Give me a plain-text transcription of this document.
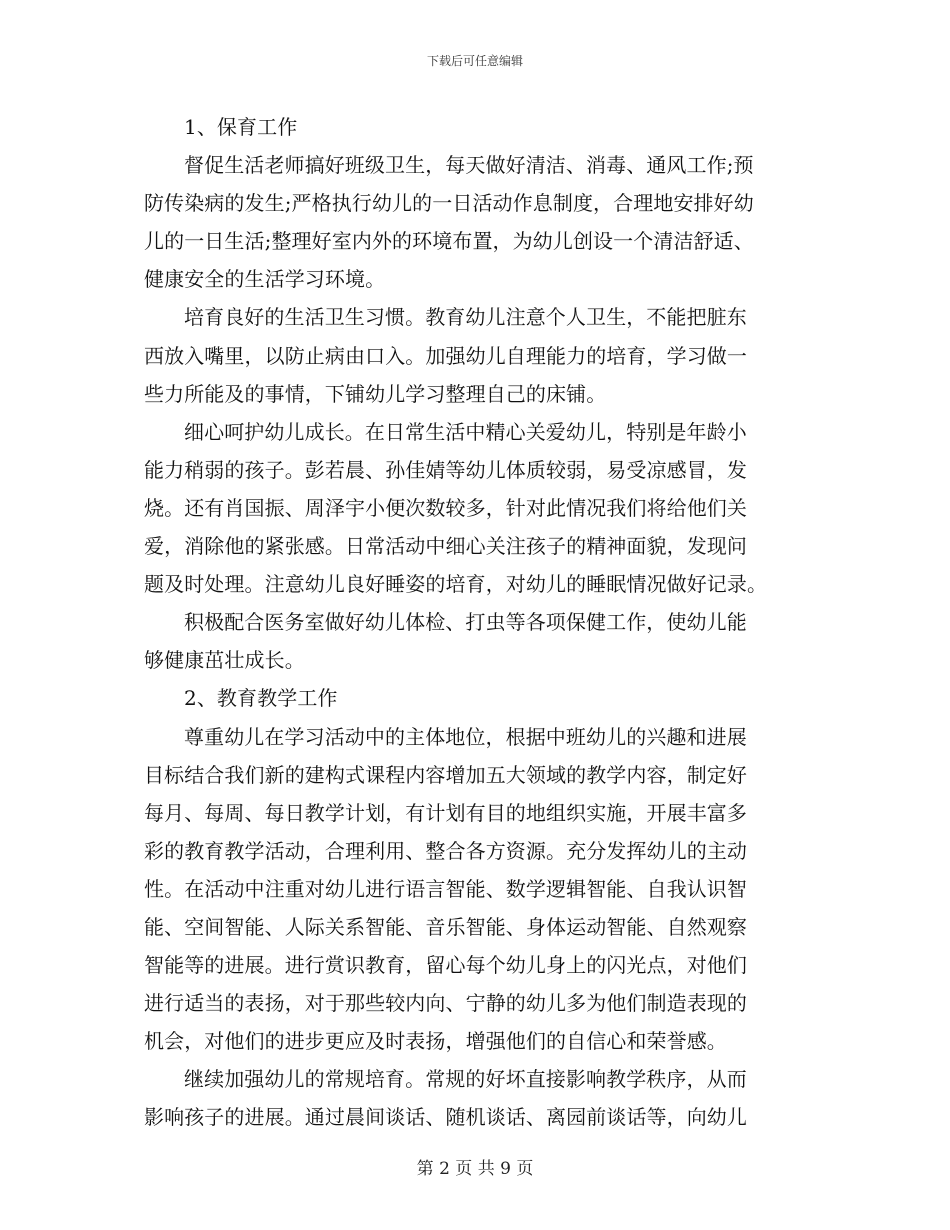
下载后可任意编辑
1、保育工作
督促生活老师搞好班级卫生，每天做好清洁、消毒、通风工作;预
防传染病的发生;严格执行幼儿的一日活动作息制度，合理地安排好幼
儿的一日生活;整理好室内外的环境布置，为幼儿创设一个清洁舒适、
健康安全的生活学习环境。
培育良好的生活卫生习惯。教育幼儿注意个人卫生，不能把脏东
西放入嘴里，以防止病由口入。加强幼儿自理能力的培育，学习做一
些力所能及的事情，下铺幼儿学习整理自己的床铺。
细心呵护幼儿成长。在日常生活中精心关爱幼儿，特别是年龄小
能力稍弱的孩子。彭若晨、孙佳婧等幼儿体质较弱，易受凉感冒，发
烧。还有肖国振、周泽宇小便次数较多，针对此情况我们将给他们关
爱，消除他的紧张感。日常活动中细心关注孩子的精神面貌，发现问
题及时处理。注意幼儿良好睡姿的培育，对幼儿的睡眠情况做好记录。
积极配合医务室做好幼儿体检、打虫等各项保健工作，使幼儿能
够健康茁壮成长。
2、教育教学工作
尊重幼儿在学习活动中的主体地位，根据中班幼儿的兴趣和进展
目标结合我们新的建构式课程内容增加五大领域的教学内容，制定好
每月、每周、每日教学计划，有计划有目的地组织实施，开展丰富多
彩的教育教学活动，合理利用、整合各方资源。充分发挥幼儿的主动
性。在活动中注重对幼儿进行语言智能、数学逻辑智能、自我认识智
能、空间智能、人际关系智能、音乐智能、身体运动智能、自然观察
智能等的进展。进行赏识教育，留心每个幼儿身上的闪光点，对他们
进行适当的表扬，对于那些较内向、宁静的幼儿多为他们制造表现的
机会，对他们的进步更应及时表扬，增强他们的自信心和荣誉感。
继续加强幼儿的常规培育。常规的好坏直接影响教学秩序，从而
影响孩子的进展。通过晨间谈话、随机谈话、离园前谈话等，向幼儿
第 2 页 共 9 页
